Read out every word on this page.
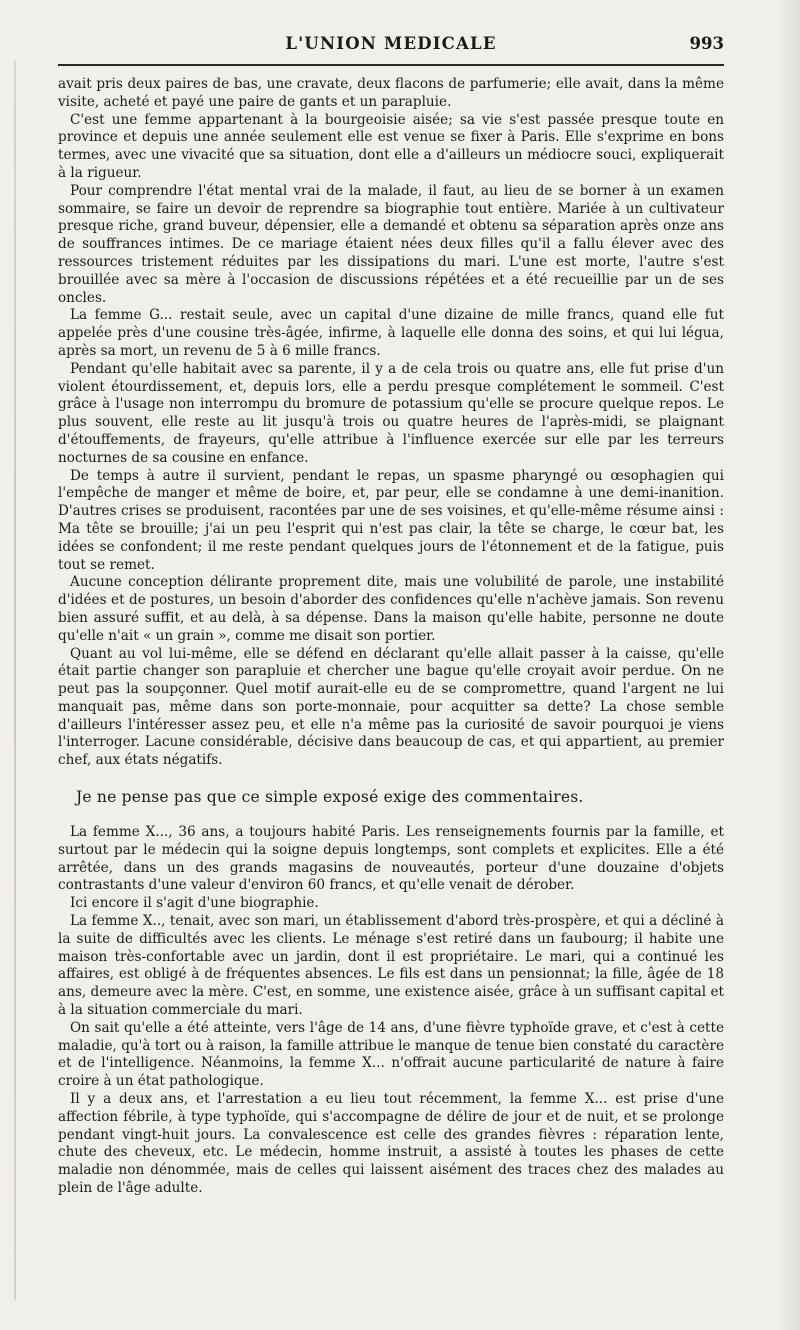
L'UNION MEDICALE	993

avait pris deux paires de bas, une cravate, deux flacons de parfumerie; elle avait, dans la même visite, acheté et payé une paire de gants et un parapluie.

C'est une femme appartenant à la bourgeoisie aisée; sa vie s'est passée presque toute en province et depuis une année seulement elle est venue se fixer à Paris. Elle s'exprime en bons termes, avec une vivacité que sa situation, dont elle a d'ailleurs un médiocre souci, expliquerait à la rigueur.

Pour comprendre l'état mental vrai de la malade, il faut, au lieu de se borner à un examen sommaire, se faire un devoir de reprendre sa biographie tout entière. Mariée à un cultivateur presque riche, grand buveur, dépensier, elle a demandé et obtenu sa séparation après onze ans de souffrances intimes. De ce mariage étaient nées deux filles qu'il a fallu élever avec des ressources tristement réduites par les dissipations du mari. L'une est morte, l'autre s'est brouillée avec sa mère à l'occasion de discussions répétées et a été recueillie par un de ses oncles.

La femme G... restait seule, avec un capital d'une dizaine de mille francs, quand elle fut appelée près d'une cousine très-âgée, infirme, à laquelle elle donna des soins, et qui lui légua, après sa mort, un revenu de 5 à 6 mille francs.

Pendant qu'elle habitait avec sa parente, il y a de cela trois ou quatre ans, elle fut prise d'un violent étourdissement, et, depuis lors, elle a perdu presque complétement le sommeil. C'est grâce à l'usage non interrompu du bromure de potassium qu'elle se procure quelque repos. Le plus souvent, elle reste au lit jusqu'à trois ou quatre heures de l'après-midi, se plaignant d'étouffements, de frayeurs, qu'elle attribue à l'influence exercée sur elle par les terreurs nocturnes de sa cousine en enfance.

De temps à autre il survient, pendant le repas, un spasme pharyngé ou œsophagien qui l'empêche de manger et même de boire, et, par peur, elle se condamne à une demi-inanition. D'autres crises se produisent, racontées par une de ses voisines, et qu'elle-même résume ainsi : Ma tête se brouille; j'ai un peu l'esprit qui n'est pas clair, la tête se charge, le cœur bat, les idées se confondent; il me reste pendant quelques jours de l'étonnement et de la fatigue, puis tout se remet.

Aucune conception délirante proprement dite, mais une volubilité de parole, une instabilité d'idées et de postures, un besoin d'aborder des confidences qu'elle n'achève jamais. Son revenu bien assuré suffit, et au delà, à sa dépense. Dans la maison qu'elle habite, personne ne doute qu'elle n'ait « un grain », comme me disait son portier.

Quant au vol lui-même, elle se défend en déclarant qu'elle allait passer à la caisse, qu'elle était partie changer son parapluie et chercher une bague qu'elle croyait avoir perdue. On ne peut pas la soupçonner. Quel motif aurait-elle eu de se compromettre, quand l'argent ne lui manquait pas, même dans son porte-monnaie, pour acquitter sa dette? La chose semble d'ailleurs l'intéresser assez peu, et elle n'a même pas la curiosité de savoir pourquoi je viens l'interroger. Lacune considérable, décisive dans beaucoup de cas, et qui appartient, au premier chef, aux états négatifs.

Je ne pense pas que ce simple exposé exige des commentaires.

La femme X..., 36 ans, a toujours habité Paris. Les renseignements fournis par la famille, et surtout par le médecin qui la soigne depuis longtemps, sont complets et explicites. Elle a été arrêtée, dans un des grands magasins de nouveautés, porteur d'une douzaine d'objets contrastants d'une valeur d'environ 60 francs, et qu'elle venait de dérober.

Ici encore il s'agit d'une biographie.

La femme X.., tenait, avec son mari, un établissement d'abord très-prospère, et qui a décliné à la suite de difficultés avec les clients. Le ménage s'est retiré dans un faubourg; il habite une maison très-confortable avec un jardin, dont il est propriétaire. Le mari, qui a continué les affaires, est obligé à de fréquentes absences. Le fils est dans un pensionnat; la fille, âgée de 18 ans, demeure avec la mère. C'est, en somme, une existence aisée, grâce à un suffisant capital et à la situation commerciale du mari.

On sait qu'elle a été atteinte, vers l'âge de 14 ans, d'une fièvre typhoïde grave, et c'est à cette maladie, qu'à tort ou à raison, la famille attribue le manque de tenue bien constaté du caractère et de l'intelligence. Néanmoins, la femme X... n'offrait aucune particularité de nature à faire croire à un état pathologique.

Il y a deux ans, et l'arrestation a eu lieu tout récemment, la femme X... est prise d'une affection fébrile, à type typhoïde, qui s'accompagne de délire de jour et de nuit, et se prolonge pendant vingt-huit jours. La convalescence est celle des grandes fièvres : réparation lente, chute des cheveux, etc. Le médecin, homme instruit, a assisté à toutes les phases de cette maladie non dénommée, mais de celles qui laissent aisément des traces chez des malades au plein de l'âge adulte.
